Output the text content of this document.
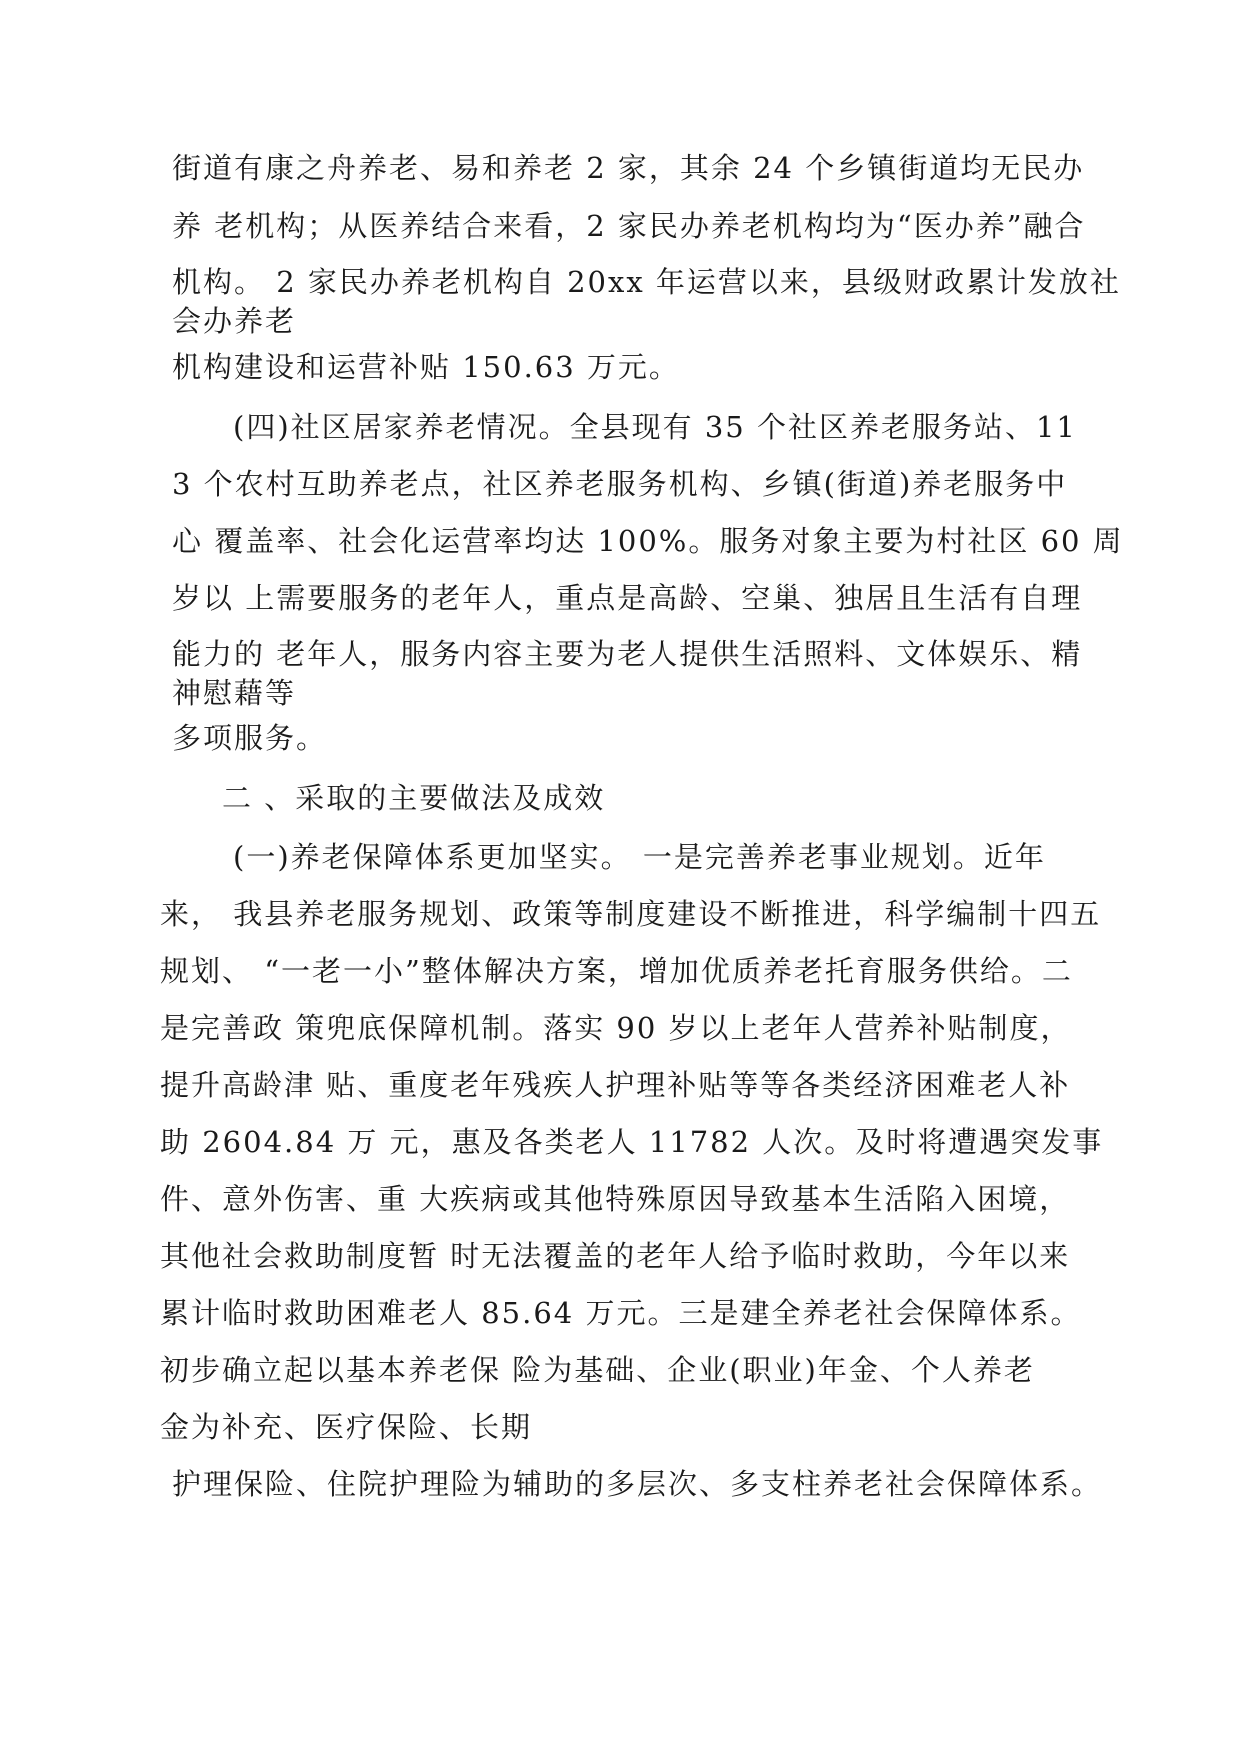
街道有康之舟养老、易和养老 2 家，其余 24 个乡镇街道均无民办
养 老机构；从医养结合来看，2 家民办养老机构均为“医办养”融合
机构。 2 家民办养老机构自 20xx 年运营以来，县级财政累计发放社
会办养老
机构建设和运营补贴 150.63 万元。
(四)社区居家养老情况。全县现有 35 个社区养老服务站、11
3 个农村互助养老点，社区养老服务机构、乡镇(街道)养老服务中
心 覆盖率、社会化运营率均达 100%。服务对象主要为村社区 60 周
岁以 上需要服务的老年人，重点是高龄、空巢、独居且生活有自理
能力的 老年人，服务内容主要为老人提供生活照料、文体娱乐、精
神慰藉等
多项服务。
二 、采取的主要做法及成效
(一)养老保障体系更加坚实。 一是完善养老事业规划。近年
来， 我县养老服务规划、政策等制度建设不断推进，科学编制十四五
规划、 “一老一小”整体解决方案，增加优质养老托育服务供给。二
是完善政 策兜底保障机制。落实 90 岁以上老年人营养补贴制度，
提升高龄津 贴、重度老年残疾人护理补贴等等各类经济困难老人补
助 2604.84 万 元，惠及各类老人 11782 人次。及时将遭遇突发事
件、意外伤害、重 大疾病或其他特殊原因导致基本生活陷入困境，
其他社会救助制度暂 时无法覆盖的老年人给予临时救助，今年以来
累计临时救助困难老人 85.64 万元。三是建全养老社会保障体系。
初步确立起以基本养老保 险为基础、企业(职业)年金、个人养老
金为补充、医疗保险、长期
护理保险、住院护理险为辅助的多层次、多支柱养老社会保障体系。
